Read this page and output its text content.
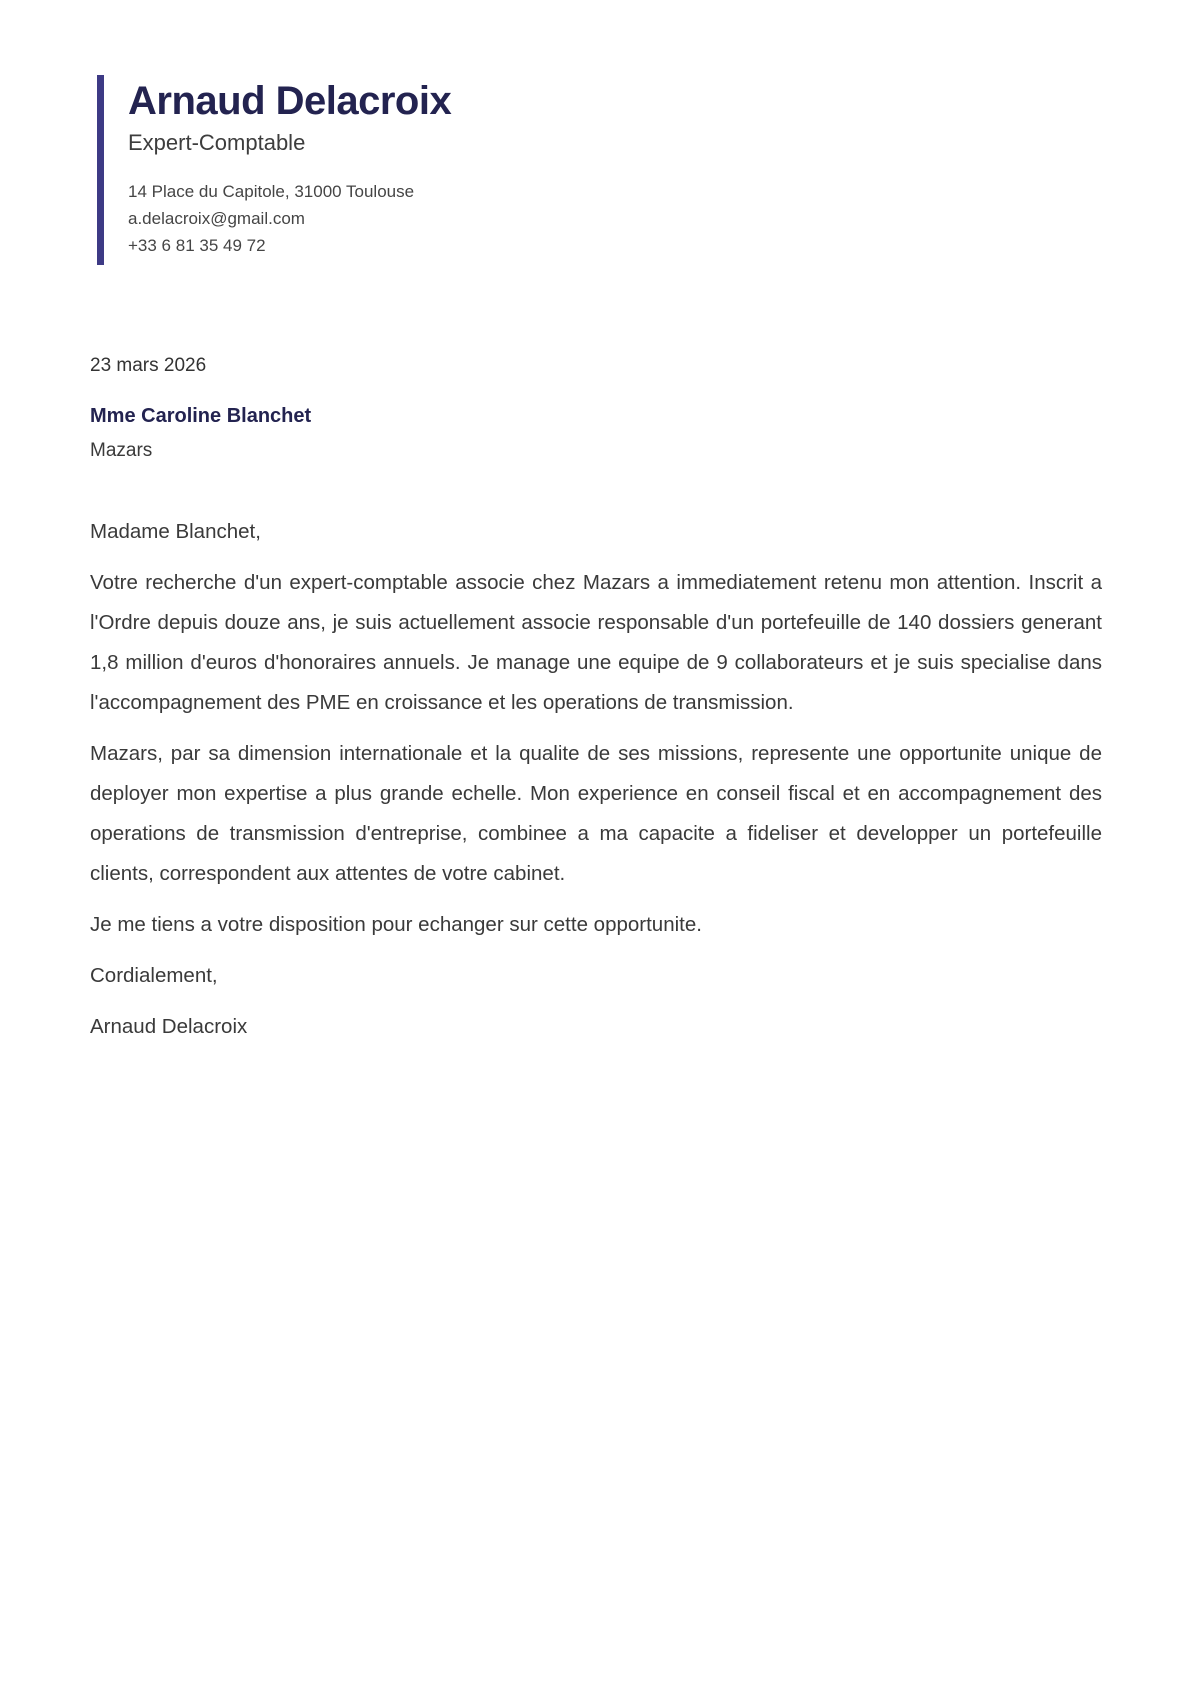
Arnaud Delacroix
Expert-Comptable
14 Place du Capitole, 31000 Toulouse
a.delacroix@gmail.com
+33 6 81 35 49 72
23 mars 2026
Mme Caroline Blanchet
Mazars

Madame Blanchet,

Votre recherche d'un expert-comptable associe chez Mazars a immediatement retenu mon attention. Inscrit a l'Ordre depuis douze ans, je suis actuellement associe responsable d'un portefeuille de 140 dossiers generant 1,8 million d'euros d'honoraires annuels. Je manage une equipe de 9 collaborateurs et je suis specialise dans l'accompagnement des PME en croissance et les operations de transmission.

Mazars, par sa dimension internationale et la qualite de ses missions, represente une opportunite unique de deployer mon expertise a plus grande echelle. Mon experience en conseil fiscal et en accompagnement des operations de transmission d'entreprise, combinee a ma capacite a fideliser et developper un portefeuille clients, correspondent aux attentes de votre cabinet.

Je me tiens a votre disposition pour echanger sur cette opportunite.

Cordialement,

Arnaud Delacroix
